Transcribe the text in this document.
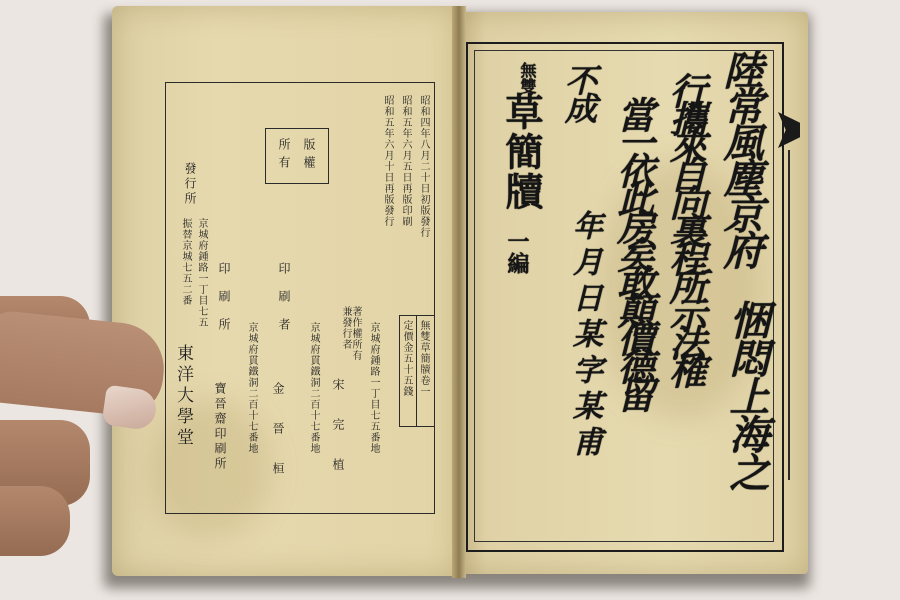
昭和四年八月二十日初版發行
昭和五年六月五日再版印刷
昭和五年六月十日再版發行
版權
所有
無雙草簡牘卷一
定價金五十五錢
京城府鍾路一丁目七五番地
著作權所有
兼發行者
宋　完　植
京城府貫鐵洞二百十七番地
印刷者
金　晉　桓
京城府貫鐵洞二百十七番地
印刷所
寶晉齋印刷所
京城府鍾路一丁目七五
振替京城七五二番
發行所
東洋大學堂
陸常風塵京府
悃悶上海之
行攜來自向裏程所示法榷
當一依此房矣敢顛價德留
不成
年月日某字某甫
無雙
草簡牘
一編
